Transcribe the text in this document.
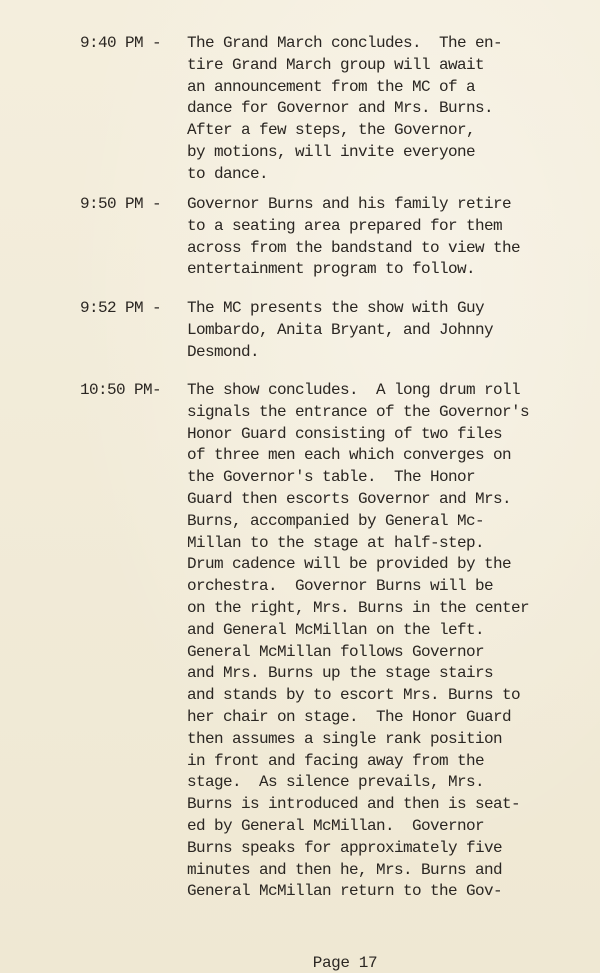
9:40 PM - The Grand March concludes.  The en-
tire Grand March group will await
an announcement from the MC of a
dance for Governor and Mrs. Burns.
After a few steps, the Governor,
by motions, will invite everyone
to dance.
9:50 PM - Governor Burns and his family retire
to a seating area prepared for them
across from the bandstand to view the
entertainment program to follow.
9:52 PM - The MC presents the show with Guy
Lombardo, Anita Bryant, and Johnny
Desmond.
10:50 PM- The show concludes.  A long drum roll
signals the entrance of the Governor's
Honor Guard consisting of two files
of three men each which converges on
the Governor's table.  The Honor
Guard then escorts Governor and Mrs.
Burns, accompanied by General Mc-
Millan to the stage at half-step.
Drum cadence will be provided by the
orchestra.  Governor Burns will be
on the right, Mrs. Burns in the center
and General McMillan on the left.
General McMillan follows Governor
and Mrs. Burns up the stage stairs
and stands by to escort Mrs. Burns to
her chair on stage.  The Honor Guard
then assumes a single rank position
in front and facing away from the
stage.  As silence prevails, Mrs.
Burns is introduced and then is seat-
ed by General McMillan.  Governor
Burns speaks for approximately five
minutes and then he, Mrs. Burns and
General McMillan return to the Gov-
Page 17
